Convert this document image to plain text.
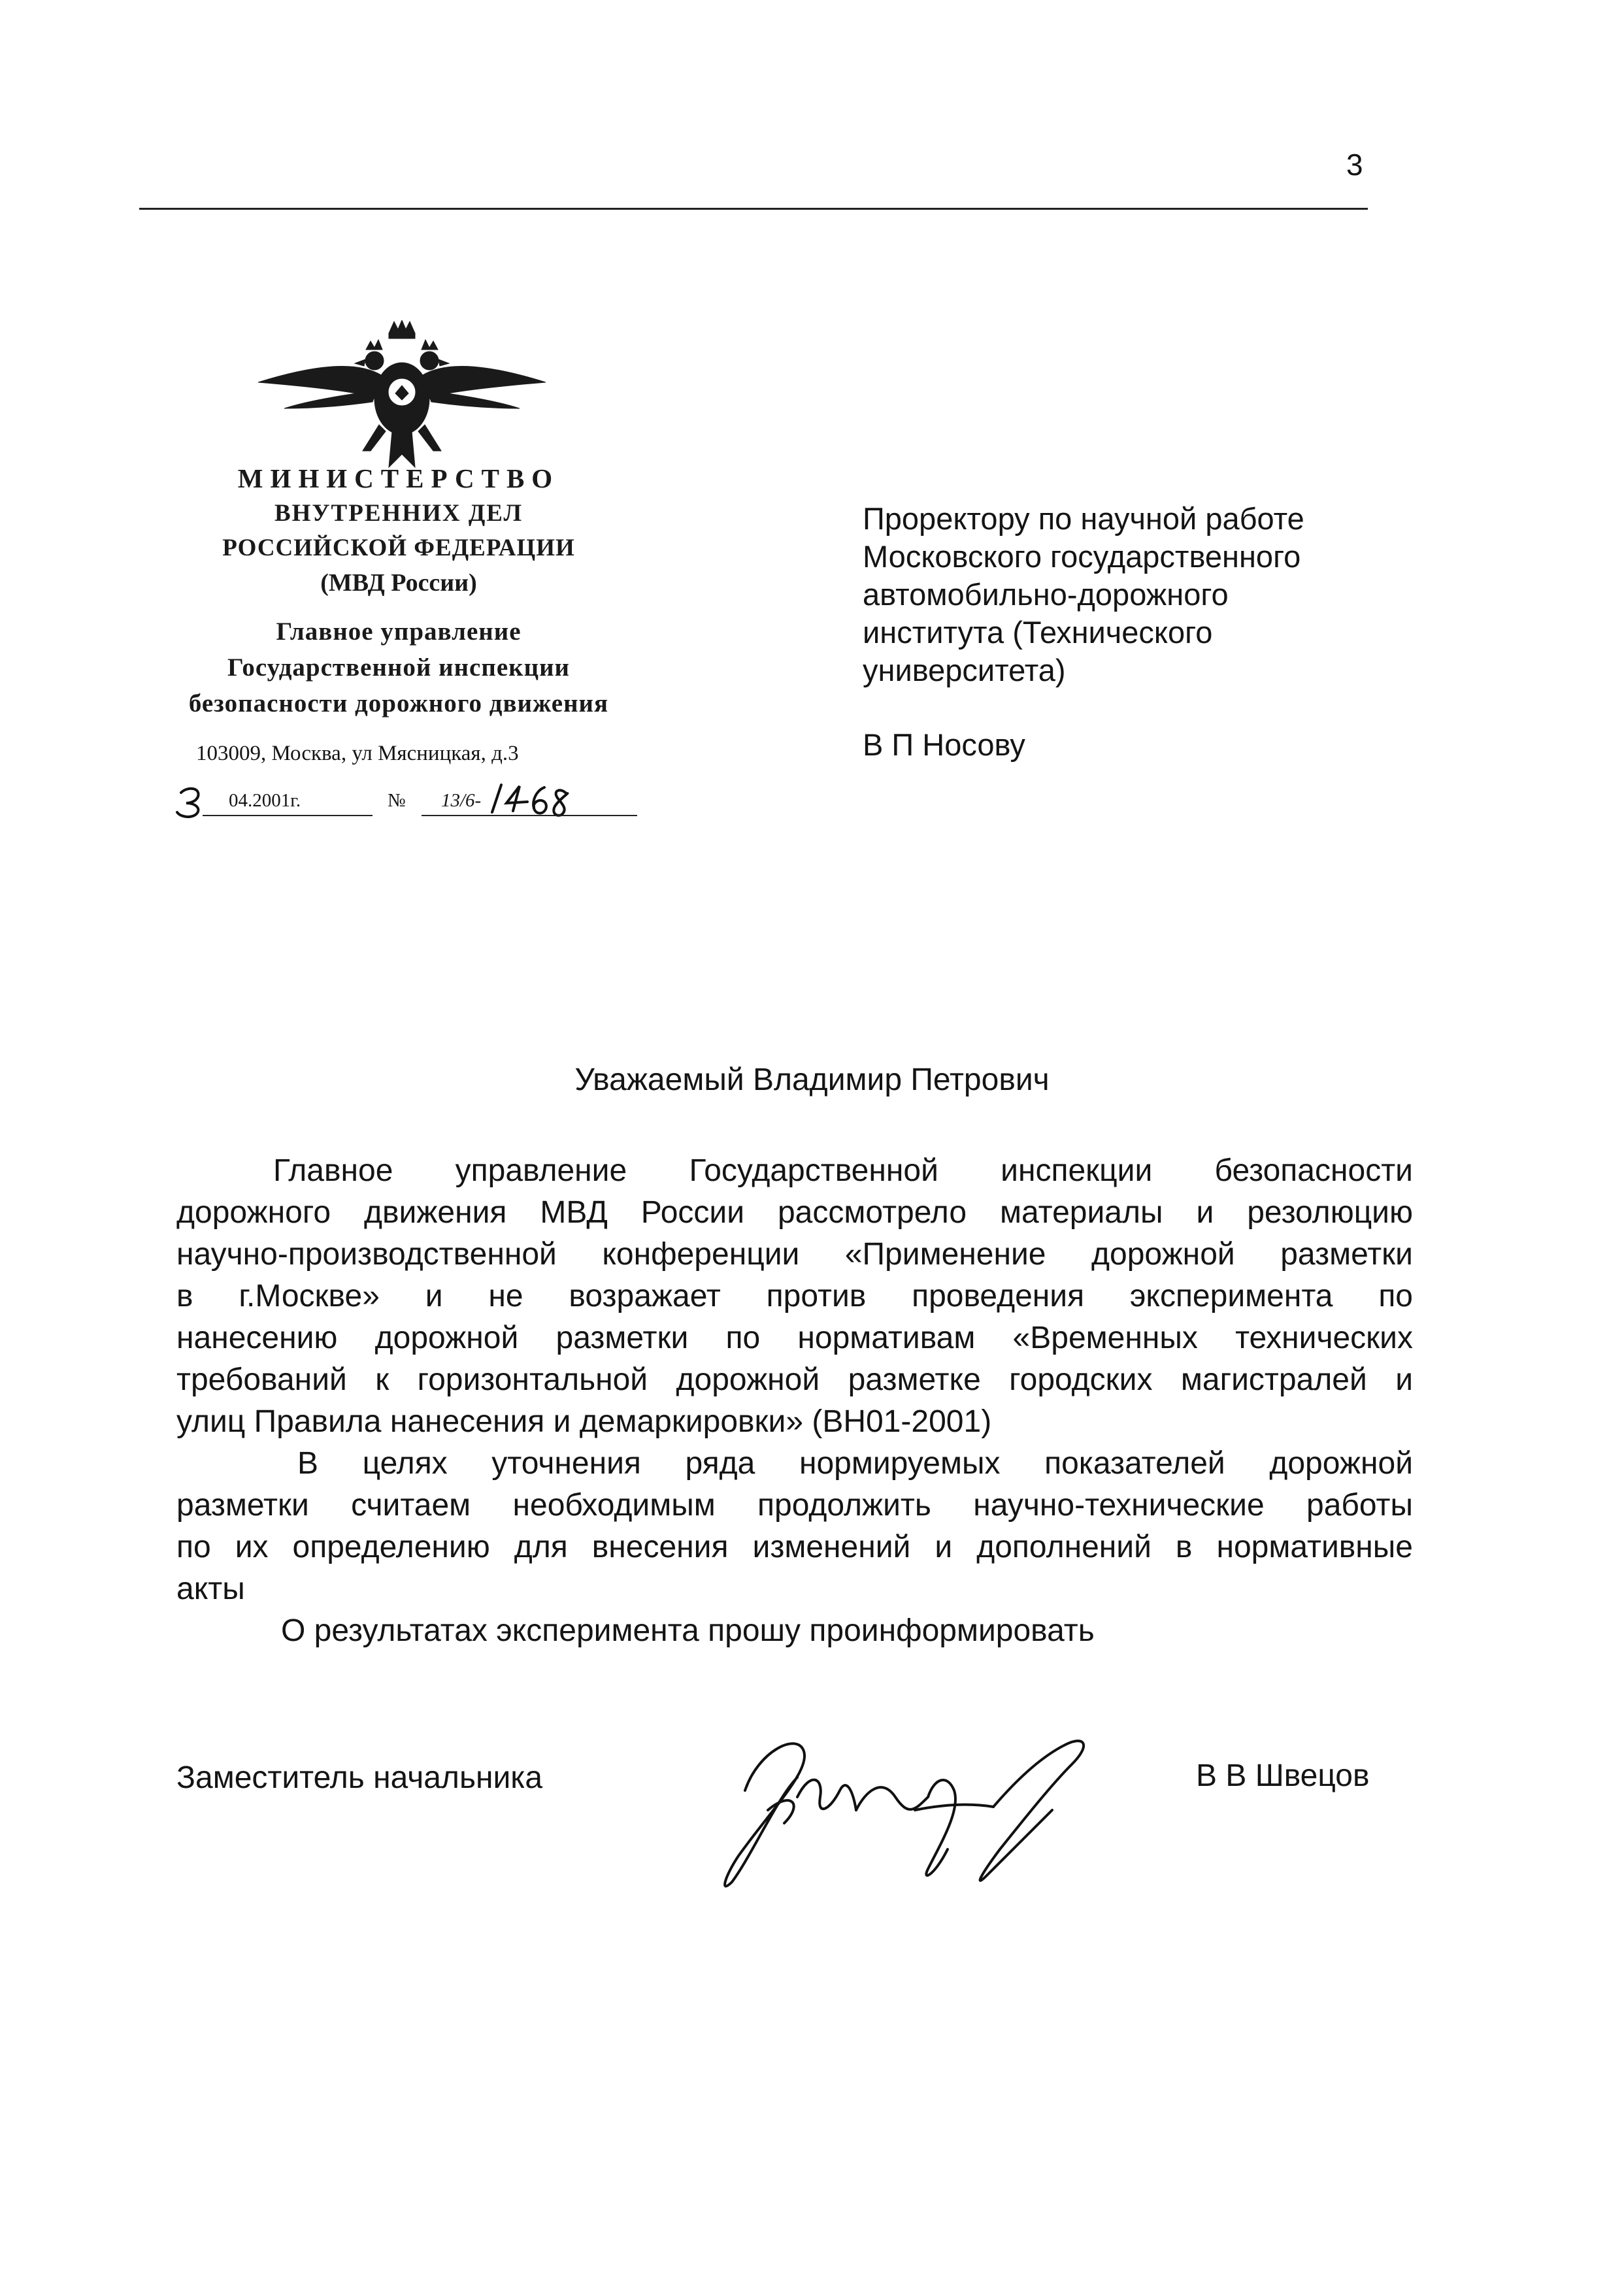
3
МИНИСТЕРСТВО
ВНУТРЕННИХ ДЕЛ
РОССИЙСКОЙ ФЕДЕРАЦИИ
(МВД России)
Главное управление
Государственной инспекции
безопасности дорожного движения
103009, Москва, ул Мясницкая, д.3
04.2001г.	№ 13/6-
Проректору по научной работе
Московского государственного
автомобильно-дорожного
института (Технического
университета)
В П Носову
Уважаемый Владимир Петрович

Главное управление Государственной инспекции безопасности
дорожного движения МВД России рассмотрело материалы и резолюцию
научно-производственной конференции «Применение дорожной разметки
в г.Москве» и не возражает против проведения эксперимента по
нанесению дорожной разметки по нормативам «Временных технических
требований к горизонтальной дорожной разметке городских магистралей и
улиц Правила нанесения и демаркировки» (ВН01-2001)

В целях уточнения ряда нормируемых показателей дорожной
разметки считаем необходимым продолжить научно-технические работы
по их определению для внесения изменений и дополнений в нормативные
акты

О результатах эксперимента прошу проинформировать

Заместитель начальника	В В Швецов
